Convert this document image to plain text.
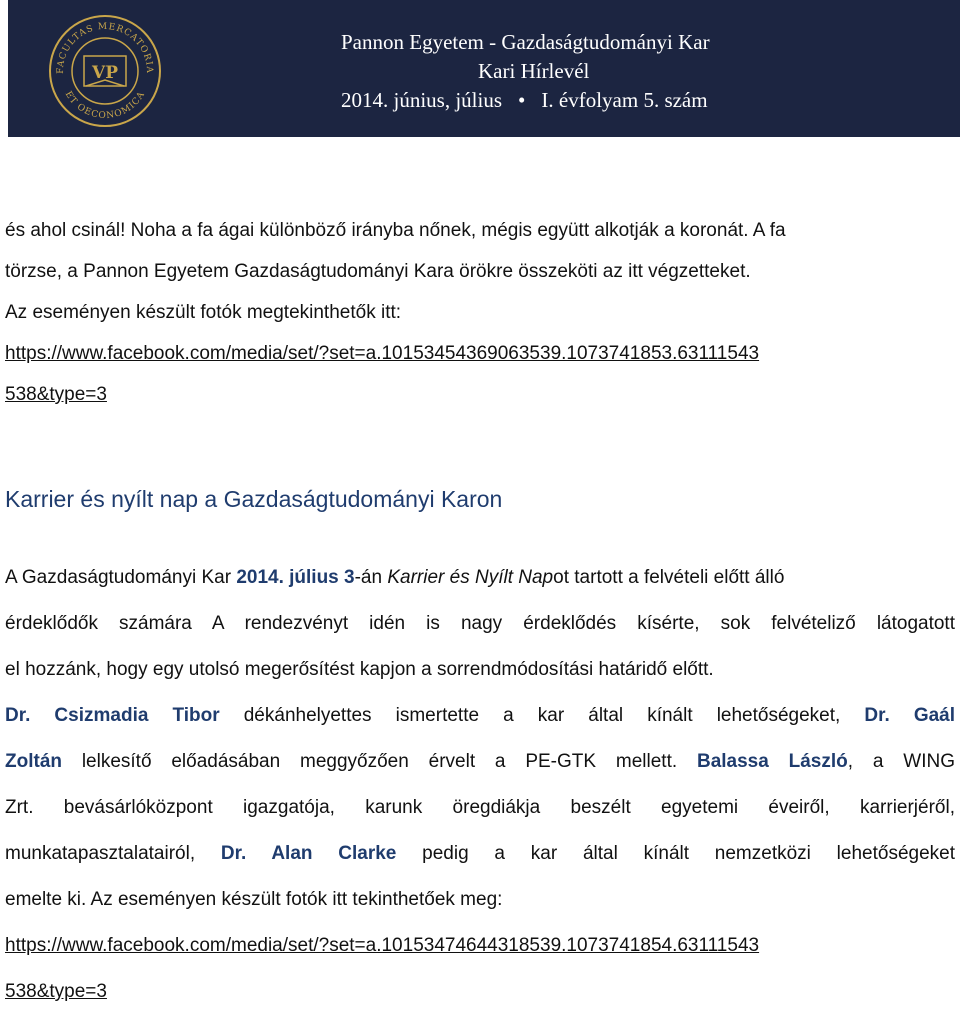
FACULTAS MERCATORIA
ET OECONOMICA
VP
Pannon Egyetem - Gazdaságtudományi Kar
Kari Hírlevél
2014. június, július • I. évfolyam 5. szám
és ahol csinál! Noha a fa ágai különböző irányba nőnek, mégis együtt alkotják a koronát. A fa
törzse, a Pannon Egyetem Gazdaságtudományi Kara örökre összeköti az itt végzetteket.
Az eseményen készült fotók megtekinthetők itt:
https://www.facebook.com/media/set/?set=a.10153454369063539.1073741853.63111543
538&type=3
Karrier és nyílt nap a Gazdaságtudományi Karon
A Gazdaságtudományi Kar 2014. július 3-án Karrier és Nyílt Napot tartott a felvételi előtt álló
érdeklődők számára A rendezvényt idén is nagy érdeklődés kísérte, sok felvételiző látogatott
el hozzánk, hogy egy utolsó megerősítést kapjon a sorrendmódosítási határidő előtt.
Dr. Csizmadia Tibor dékánhelyettes ismertette a kar által kínált lehetőségeket, Dr. Gaál
Zoltán lelkesítő előadásában meggyőzően érvelt a PE-GTK mellett. Balassa László, a WING
Zrt. bevásárlóközpont igazgatója, karunk öregdiákja beszélt egyetemi éveiről, karrierjéről,
munkatapasztalatairól, Dr. Alan Clarke pedig a kar által kínált nemzetközi lehetőségeket
emelte ki. Az eseményen készült fotók itt tekinthetőek meg:
https://www.facebook.com/media/set/?set=a.10153474644318539.1073741854.63111543
538&type=3
